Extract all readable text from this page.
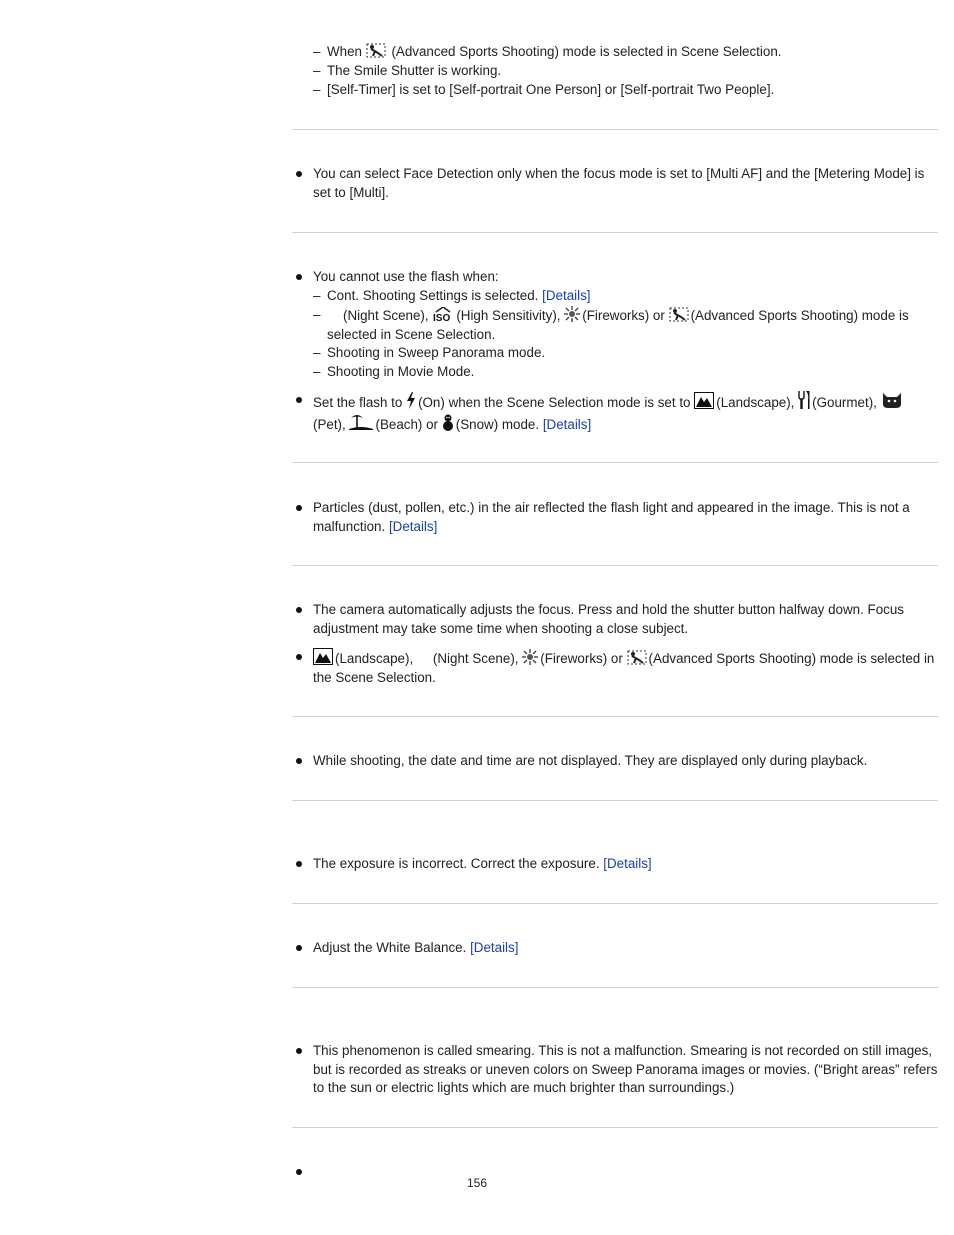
– When (Advanced Sports Shooting) mode is selected in Scene Selection.
– The Smile Shutter is working.
– [Self-Timer] is set to [Self-portrait One Person] or [Self-portrait Two People].
You can select Face Detection only when the focus mode is set to [Multi AF] and the [Metering Mode] is set to [Multi].
You cannot use the flash when:
– Cont. Shooting Settings is selected. [Details]
–	(Night Scene), ISO (High Sensitivity), (Fireworks) or (Advanced Sports Shooting) mode is selected in Scene Selection.
– Shooting in Sweep Panorama mode.
– Shooting in Movie Mode.
Set the flash to (On) when the Scene Selection mode is set to (Landscape), (Gourmet),
(Pet), (Beach) or (Snow) mode. [Details]
Particles (dust, pollen, etc.) in the air reflected the flash light and appeared in the image. This is not a malfunction. [Details]
The camera automatically adjusts the focus. Press and hold the shutter button halfway down. Focus adjustment may take some time when shooting a close subject.
(Landscape), (Night Scene), (Fireworks) or (Advanced Sports Shooting) mode is selected in the Scene Selection.
While shooting, the date and time are not displayed. They are displayed only during playback.
The exposure is incorrect. Correct the exposure. [Details]
Adjust the White Balance. [Details]
This phenomenon is called smearing. This is not a malfunction. Smearing is not recorded on still images, but is recorded as streaks or uneven colors on Sweep Panorama images or movies. (“Bright areas” refers to the sun or electric lights which are much brighter than surroundings.)
156
